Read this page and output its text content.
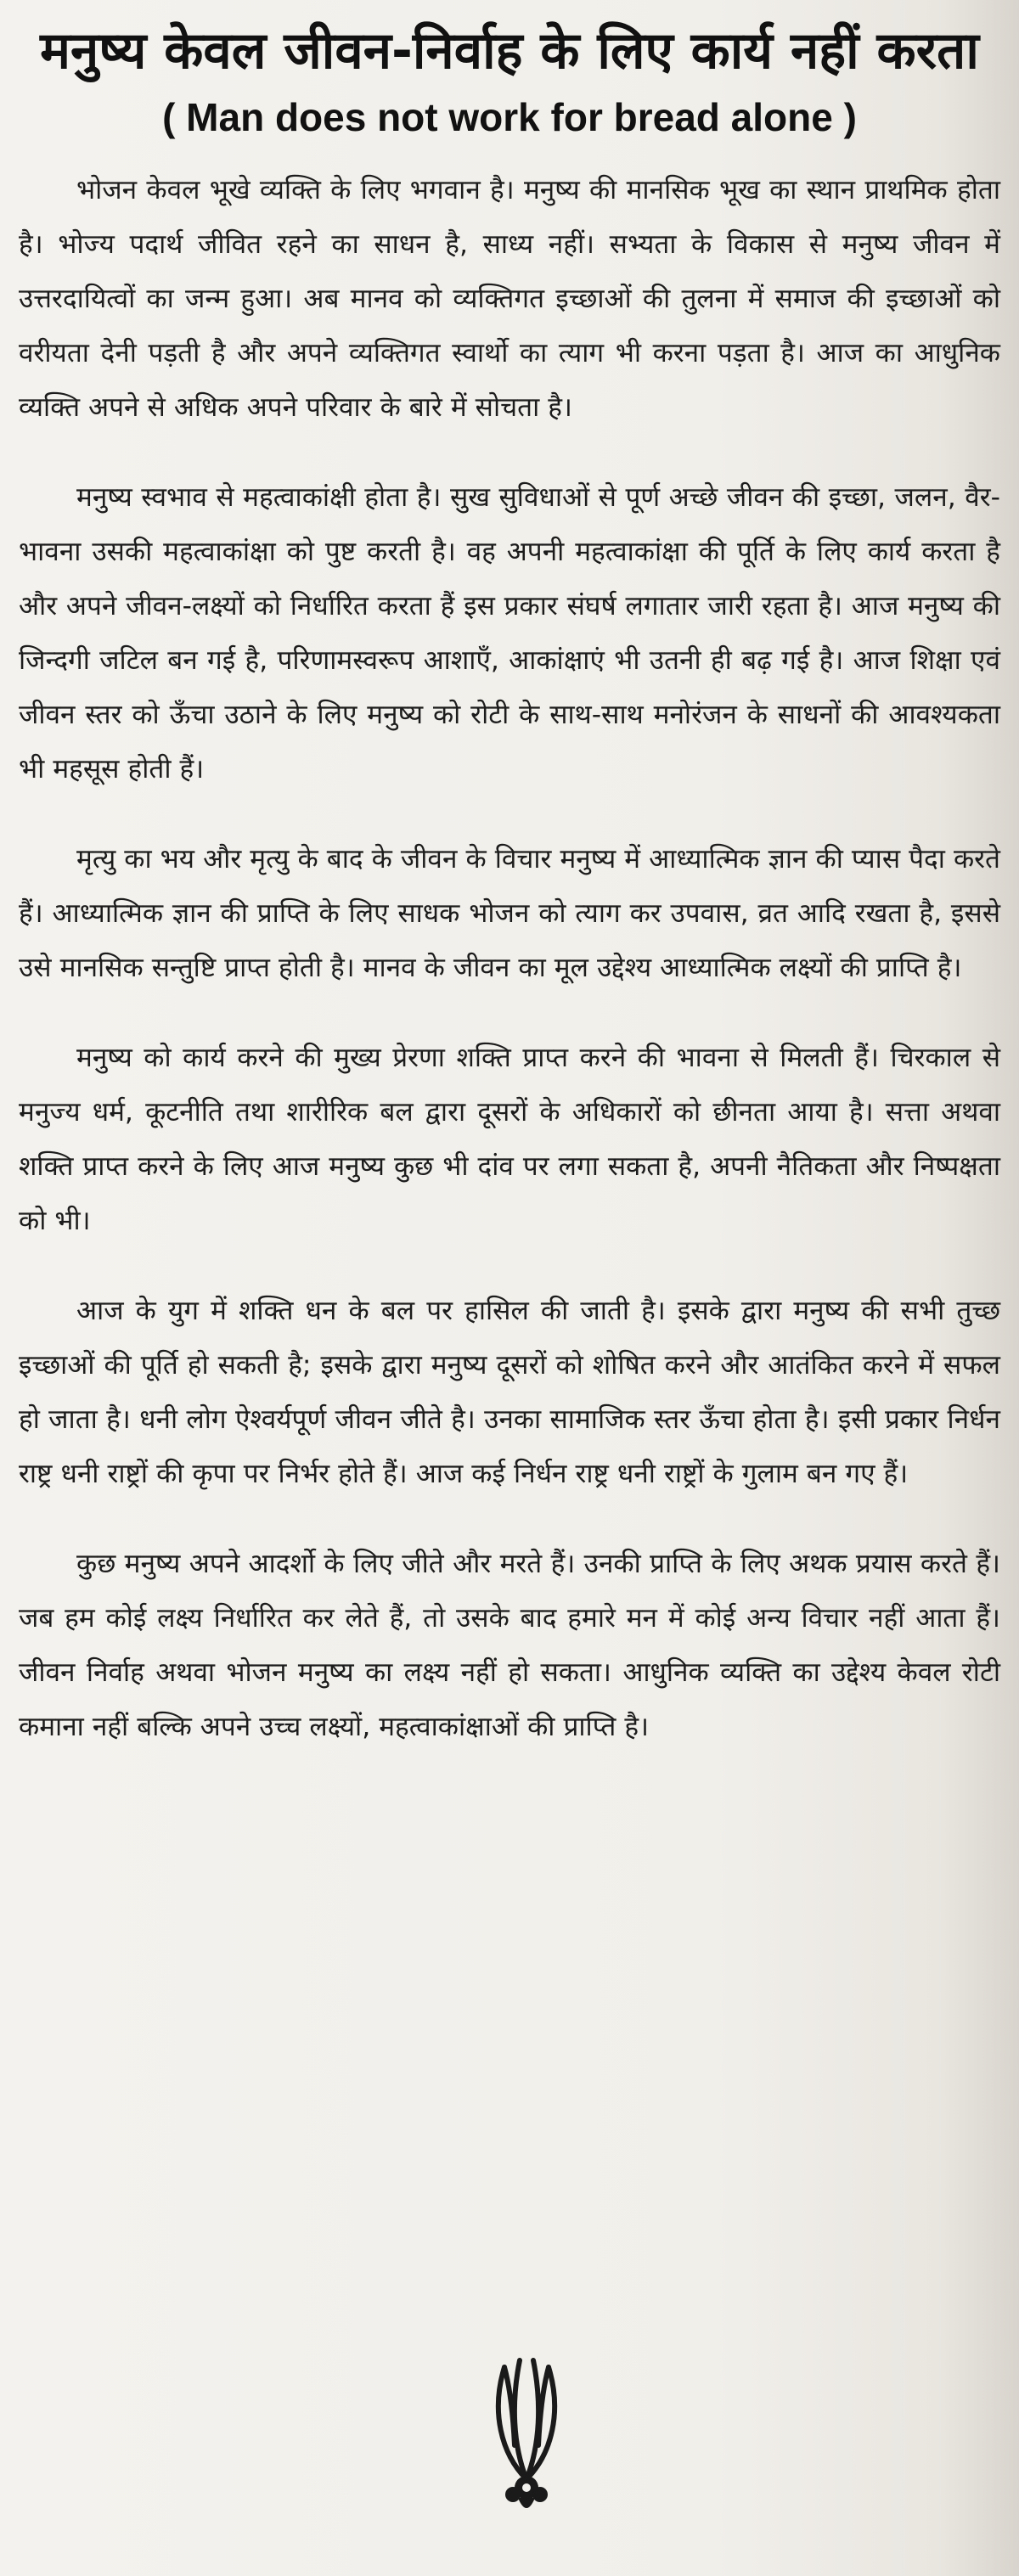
मनुष्य केवल जीवन-निर्वाह के लिए कार्य नहीं करता
( Man does not work for bread alone )

भोजन केवल भूखे व्यक्ति के लिए भगवान है। मनुष्य की मानसिक भूख का स्थान प्राथमिक होता है। भोज्य पदार्थ जीवित रहने का साधन है, साध्य नहीं। सभ्यता के विकास से मनुष्य जीवन में उत्तरदायित्वों का जन्म हुआ। अब मानव को व्यक्तिगत इच्छाओं की तुलना में समाज की इच्छाओं को वरीयता देनी पड़ती है और अपने व्यक्तिगत स्वार्थो का त्याग भी करना पड़ता है। आज का आधुनिक व्यक्ति अपने से अधिक अपने परिवार के बारे में सोचता है।

मनुष्य स्वभाव से महत्वाकांक्षी होता है। सुख सुविधाओं से पूर्ण अच्छे जीवन की इच्छा, जलन, वैर-भावना उसकी महत्वाकांक्षा को पुष्ट करती है। वह अपनी महत्वाकांक्षा की पूर्ति के लिए कार्य करता है और अपने जीवन-लक्ष्यों को निर्धारित करता हैं इस प्रकार संघर्ष लगातार जारी रहता है। आज मनुष्य की जिन्दगी जटिल बन गई है, परिणामस्वरूप आशाएँ, आकांक्षाएं भी उतनी ही बढ़ गई है। आज शिक्षा एवं जीवन स्तर को ऊँचा उठाने के लिए मनुष्य को रोटी के साथ-साथ मनोरंजन के साधनों की आवश्यकता भी महसूस होती हैं।

मृत्यु का भय और मृत्यु के बाद के जीवन के विचार मनुष्य में आध्यात्मिक ज्ञान की प्यास पैदा करते हैं। आध्यात्मिक ज्ञान की प्राप्ति के लिए साधक भोजन को त्याग कर उपवास, व्रत आदि रखता है, इससे उसे मानसिक सन्तुष्टि प्राप्त होती है। मानव के जीवन का मूल उद्देश्य आध्यात्मिक लक्ष्यों की प्राप्ति है।

मनुष्य को कार्य करने की मुख्य प्रेरणा शक्ति प्राप्त करने की भावना से मिलती हैं। चिरकाल से मनुज्य धर्म, कूटनीति तथा शारीरिक बल द्वारा दूसरों के अधिकारों को छीनता आया है। सत्ता अथवा शक्ति प्राप्त करने के लिए आज मनुष्य कुछ भी दांव पर लगा सकता है, अपनी नैतिकता और निष्पक्षता को भी।

आज के युग में शक्ति धन के बल पर हासिल की जाती है। इसके द्वारा मनुष्य की सभी तुच्छ इच्छाओं की पूर्ति हो सकती है; इसके द्वारा मनुष्य दूसरों को शोषित करने और आतंकित करने में सफल हो जाता है। धनी लोग ऐश्वर्यपूर्ण जीवन जीते है। उनका सामाजिक स्तर ऊँचा होता है। इसी प्रकार निर्धन राष्ट्र धनी राष्ट्रों की कृपा पर निर्भर होते हैं। आज कई निर्धन राष्ट्र धनी राष्ट्रों के गुलाम बन गए हैं।

कुछ मनुष्य अपने आदर्शो के लिए जीते और मरते हैं। उनकी प्राप्ति के लिए अथक प्रयास करते हैं। जब हम कोई लक्ष्य निर्धारित कर लेते हैं, तो उसके बाद हमारे मन में कोई अन्य विचार नहीं आता हैं। जीवन निर्वाह अथवा भोजन मनुष्य का लक्ष्य नहीं हो सकता। आधुनिक व्यक्ति का उद्देश्य केवल रोटी कमाना नहीं बल्कि अपने उच्च लक्ष्यों, महत्वाकांक्षाओं की प्राप्ति है।
